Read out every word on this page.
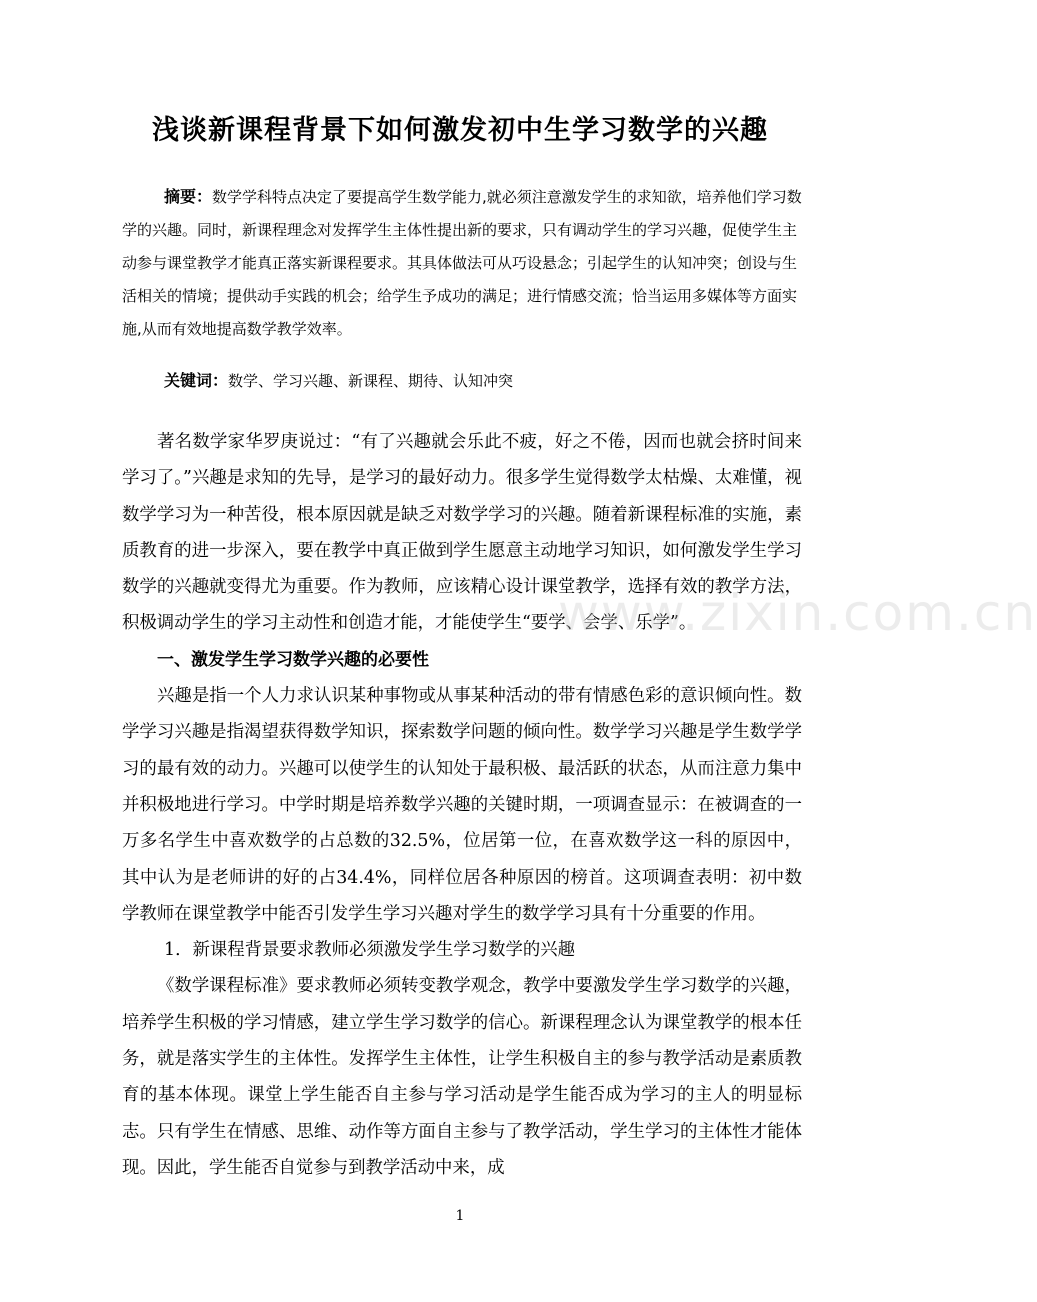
浅谈新课程背景下如何激发初中生学习数学的兴趣
摘要：数学学科特点决定了要提高学生数学能力,就必须注意激发学生的求知欲，培养他们学习数学的兴趣。同时，新课程理念对发挥学生主体性提出新的要求，只有调动学生的学习兴趣，促使学生主动参与课堂教学才能真正落实新课程要求。其具体做法可从巧设悬念；引起学生的认知冲突；创设与生活相关的情境；提供动手实践的机会；给学生予成功的满足；进行情感交流；恰当运用多媒体等方面实施,从而有效地提高数学教学效率。
关键词：数学、学习兴趣、新课程、期待、认知冲突

著名数学家华罗庚说过：“有了兴趣就会乐此不疲，好之不倦，因而也就会挤时间来学习了。”兴趣是求知的先导，是学习的最好动力。很多学生觉得数学太枯燥、太难懂，视数学学习为一种苦役，根本原因就是缺乏对数学学习的兴趣。随着新课程标准的实施，素质教育的进一步深入，要在教学中真正做到学生愿意主动地学习知识，如何激发学生学习数学的兴趣就变得尤为重要。作为教师，应该精心设计课堂教学，选择有效的教学方法，积极调动学生的学习主动性和创造才能，才能使学生“要学、会学、乐学”。

一、激发学生学习数学兴趣的必要性

兴趣是指一个人力求认识某种事物或从事某种活动的带有情感色彩的意识倾向性。数学学习兴趣是指渴望获得数学知识，探索数学问题的倾向性。数学学习兴趣是学生数学学习的最有效的动力。兴趣可以使学生的认知处于最积极、最活跃的状态，从而注意力集中并积极地进行学习。中学时期是培养数学兴趣的关键时期，一项调查显示：在被调查的一万多名学生中喜欢数学的占总数的32.5%，位居第一位，在喜欢数学这一科的原因中，其中认为是老师讲的好的占34.4%，同样位居各种原因的榜首。这项调查表明：初中数学教师在课堂教学中能否引发学生学习兴趣对学生的数学学习具有十分重要的作用。

1．新课程背景要求教师必须激发学生学习数学的兴趣

《数学课程标准》要求教师必须转变教学观念，教学中要激发学生学习数学的兴趣，培养学生积极的学习情感，建立学生学习数学的信心。新课程理念认为课堂教学的根本任务，就是落实学生的主体性。发挥学生主体性，让学生积极自主的参与教学活动是素质教育的基本体现。课堂上学生能否自主参与学习活动是学生能否成为学习的主人的明显标志。只有学生在情感、思维、动作等方面自主参与了教学活动，学生学习的主体性才能体现。因此，学生能否自觉参与到教学活动中来，成

www.zixin.com.cn
1
